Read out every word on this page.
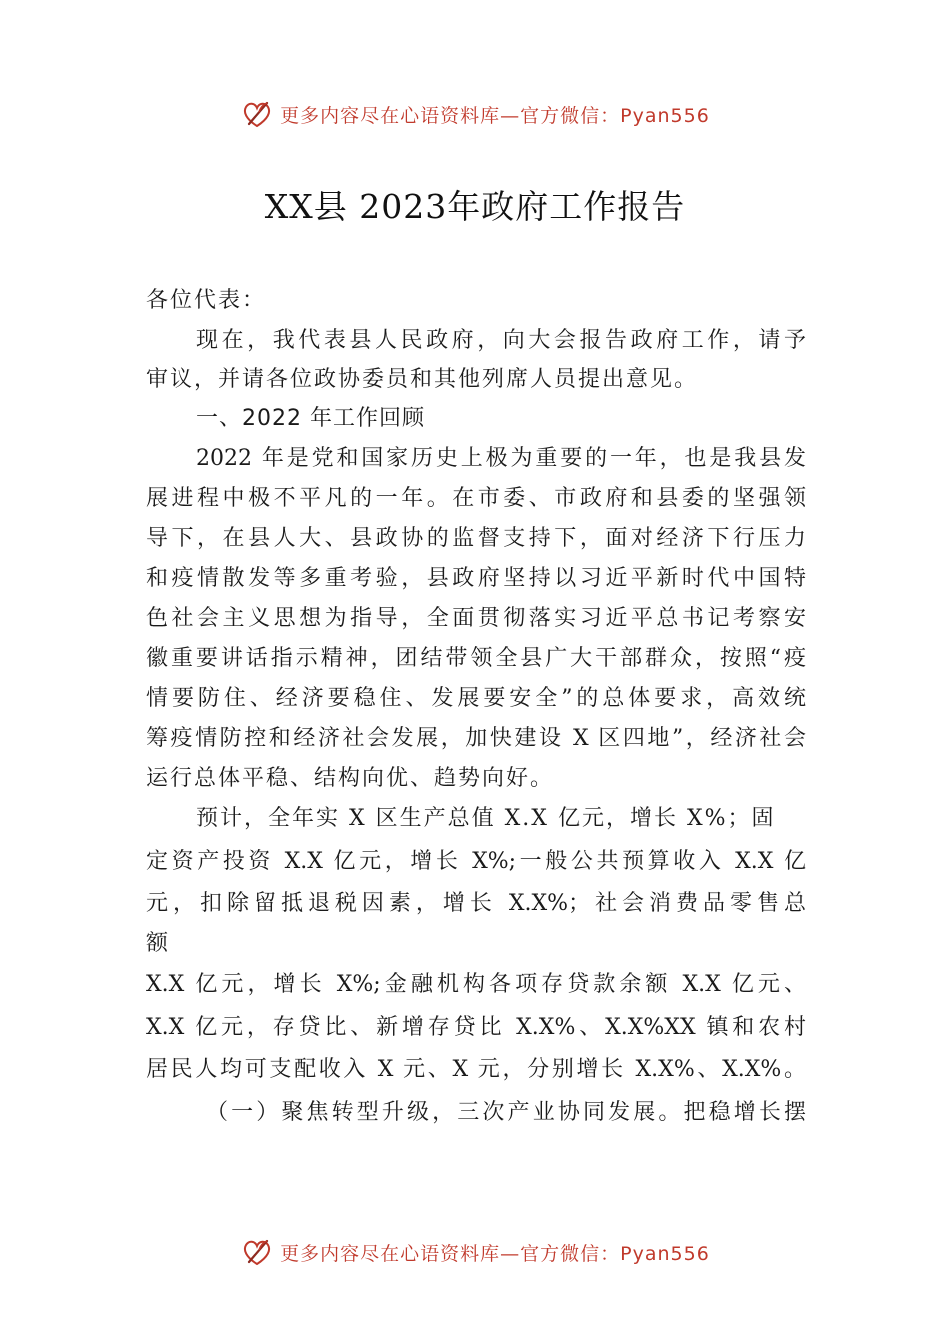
更多内容尽在心语资料库—官方微信：Pyan556
XX县 2023年政府工作报告
各位代表：
现在，我代表县人民政府，向大会报告政府工作，请予
审议，并请各位政协委员和其他列席人员提出意见。
一、2022 年工作回顾
2022 年是党和国家历史上极为重要的一年，也是我县发
展进程中极不平凡的一年。在市委、市政府和县委的坚强领
导下，在县人大、县政协的监督支持下，面对经济下行压力
和疫情散发等多重考验，县政府坚持以习近平新时代中国特
色社会主义思想为指导，全面贯彻落实习近平总书记考察安
徽重要讲话指示精神，团结带领全县广大干部群众，按照“疫
情要防住、经济要稳住、发展要安全”的总体要求，高效统
筹疫情防控和经济社会发展，加快建设 X 区四地”，经济社会
运行总体平稳、结构向优、趋势向好。
预计，全年实 X 区生产总值 X.X 亿元，增长 X%；固
定资产投资 X.X 亿元，增长 X%;一般公共预算收入 X.X 亿
元，扣除留抵退税因素，增长 X.X%；社会消费品零售总
额
X.X 亿元，增长 X%;金融机构各项存贷款余额 X.X 亿元、
X.X 亿元，存贷比、新增存贷比 X.X%、X.X%XX 镇和农村
居民人均可支配收入 X 元、X 元，分别增长 X.X%、X.X%。
（一）聚焦转型升级，三次产业协同发展。把稳增长摆
更多内容尽在心语资料库—官方微信：Pyan556
